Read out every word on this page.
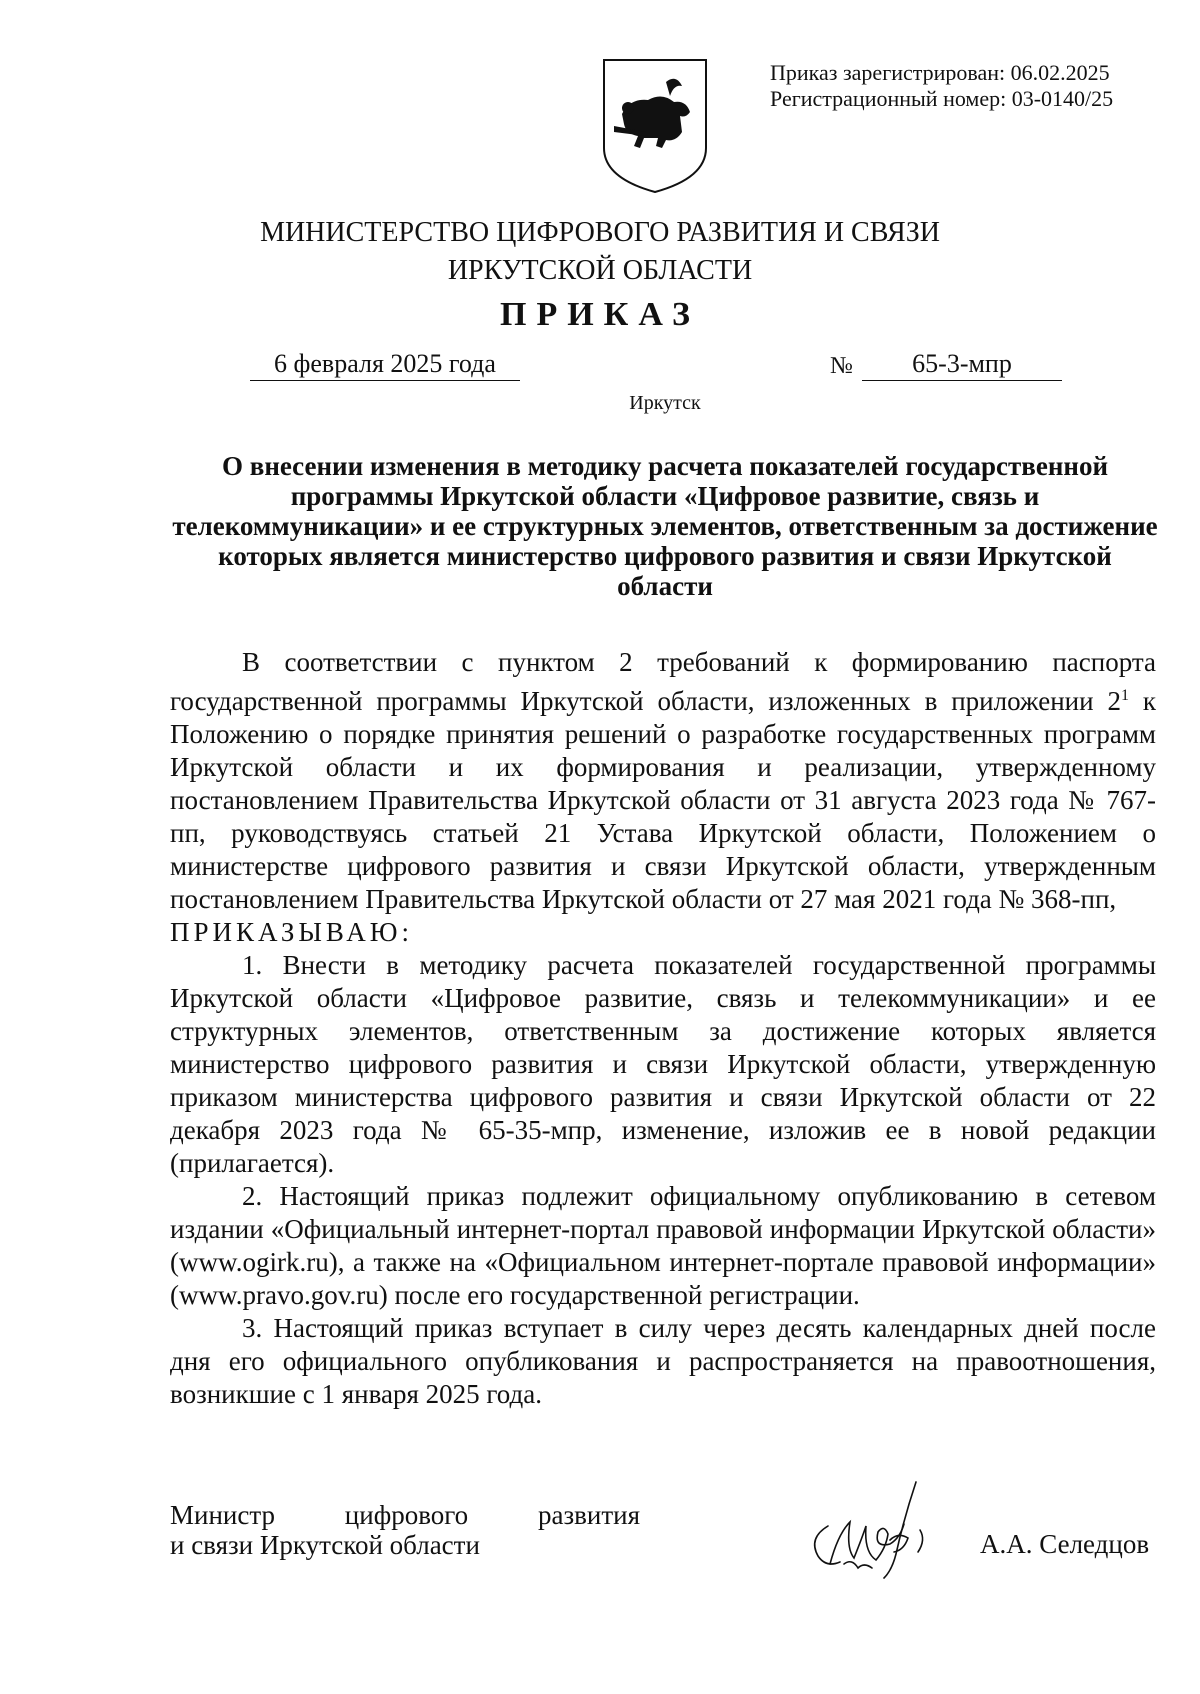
Приказ зарегистрирован: 06.02.2025
Регистрационный номер: 03-0140/25
МИНИСТЕРСТВО ЦИФРОВОГО РАЗВИТИЯ И СВЯЗИ
ИРКУТСКОЙ ОБЛАСТИ
ПРИКАЗ
6 февраля 2025 года	№	65-3-мпр
Иркутск
О внесении изменения в методику расчета показателей государственной программы Иркутской области «Цифровое развитие, связь и телекоммуникации» и ее структурных элементов, ответственным за достижение которых является министерство цифрового развития и связи Иркутской области

В соответствии с пунктом 2 требований к формированию паспорта государственной программы Иркутской области, изложенных в приложении $2^1$ к Положению о порядке принятия решений о разработке государственных программ Иркутской области и их формирования и реализации, утвержденному постановлением Правительства Иркутской области от 31 августа 2023 года № 767-пп, руководствуясь статьей 21 Устава Иркутской области, Положением о министерстве цифрового развития и связи Иркутской области, утвержденным постановлением Правительства Иркутской области от 27 мая 2021 года № 368-пп,

ПРИКАЗЫВАЮ:

1. Внести в методику расчета показателей государственной программы Иркутской области «Цифровое развитие, связь и телекоммуникации» и ее структурных элементов, ответственным за достижение которых является министерство цифрового развития и связи Иркутской области, утвержденную приказом министерства цифрового развития и связи Иркутской области от 22 декабря 2023 года № 65-35-мпр, изменение, изложив ее в новой редакции (прилагается).

2. Настоящий приказ подлежит официальному опубликованию в сетевом издании «Официальный интернет-портал правовой информации Иркутской области» (www.ogirk.ru), а также на «Официальном интернет-портале правовой информации» (www.pravo.gov.ru) после его государственной регистрации.

3. Настоящий приказ вступает в силу через десять календарных дней после дня его официального опубликования и распространяется на правоотношения, возникшие с 1 января 2025 года.

Министр	цифрового	развития
и связи Иркутской области	А.А. Селедцов
